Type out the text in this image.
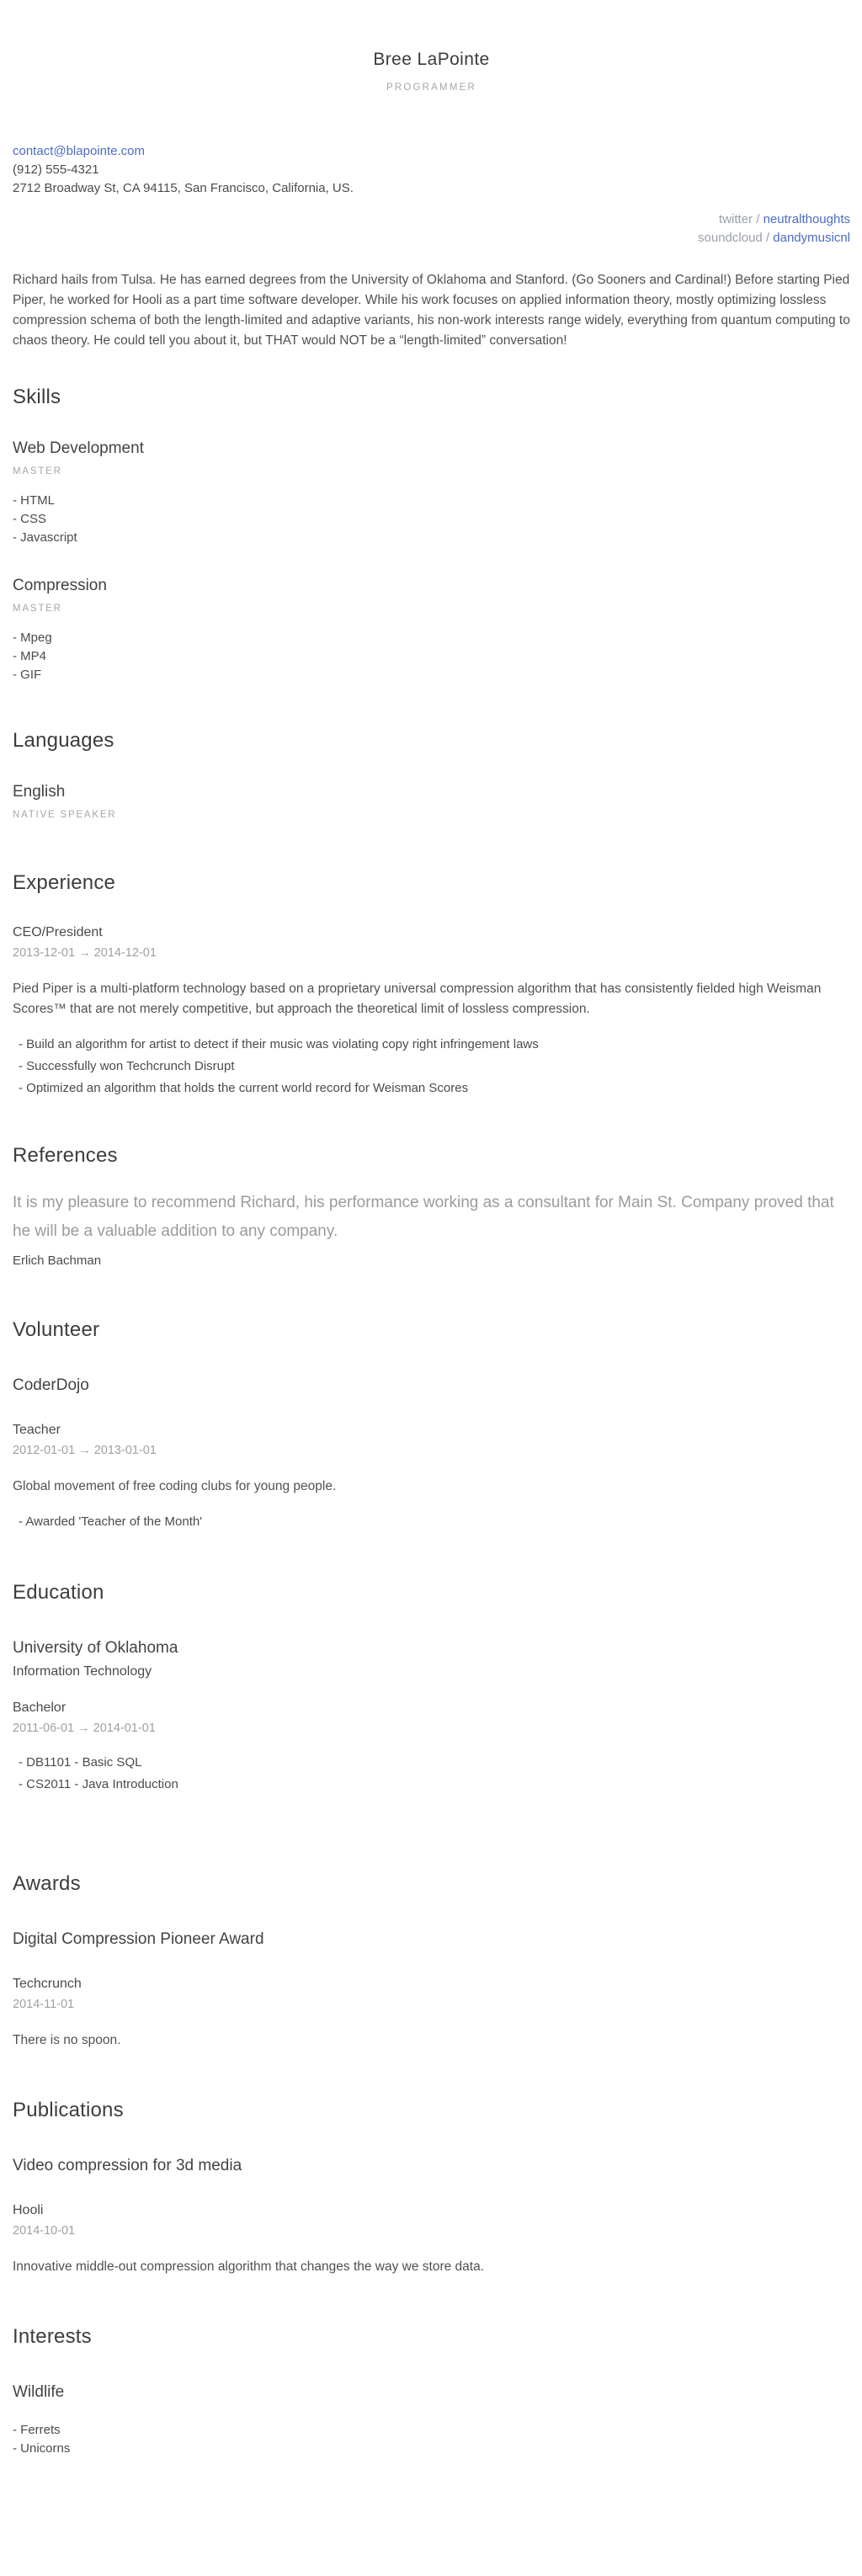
Bree LaPointe
PROGRAMMER
contact@blapointe.com
(912) 555-4321
2712 Broadway St, CA 94115, San Francisco, California, US.
twitter / neutralthoughts
soundcloud / dandymusicnl

Richard hails from Tulsa. He has earned degrees from the University of Oklahoma and Stanford. (Go Sooners and Cardinal!) Before starting Pied Piper, he worked for Hooli as a part time software developer. While his work focuses on applied information theory, mostly optimizing lossless compression schema of both the length-limited and adaptive variants, his non-work interests range widely, everything from quantum computing to chaos theory. He could tell you about it, but THAT would NOT be a “length-limited” conversation!

Skills
Web Development
MASTER
- HTML
- CSS
- Javascript
Compression
MASTER
- Mpeg
- MP4
- GIF
Languages
English
NATIVE SPEAKER
Experience
CEO/President
2013-12-01 → 2014-12-01

Pied Piper is a multi-platform technology based on a proprietary universal compression algorithm that has consistently fielded high Weisman Scores™ that are not merely competitive, but approach the theoretical limit of lossless compression.

- Build an algorithm for artist to detect if their music was violating copy right infringement laws
- Successfully won Techcrunch Disrupt
- Optimized an algorithm that holds the current world record for Weisman Scores
References

It is my pleasure to recommend Richard, his performance working as a consultant for Main St. Company proved that he will be a valuable addition to any company.

Erlich Bachman
Volunteer
CoderDojo
Teacher
2012-01-01 → 2013-01-01

Global movement of free coding clubs for young people.

- Awarded 'Teacher of the Month'
Education
University of Oklahoma
Information Technology
Bachelor
2011-06-01 → 2014-01-01
- DB1101 - Basic SQL
- CS2011 - Java Introduction
Awards
Digital Compression Pioneer Award
Techcrunch
2014-11-01

There is no spoon.

Publications
Video compression for 3d media
Hooli
2014-10-01

Innovative middle-out compression algorithm that changes the way we store data.

Interests
Wildlife
- Ferrets
- Unicorns
